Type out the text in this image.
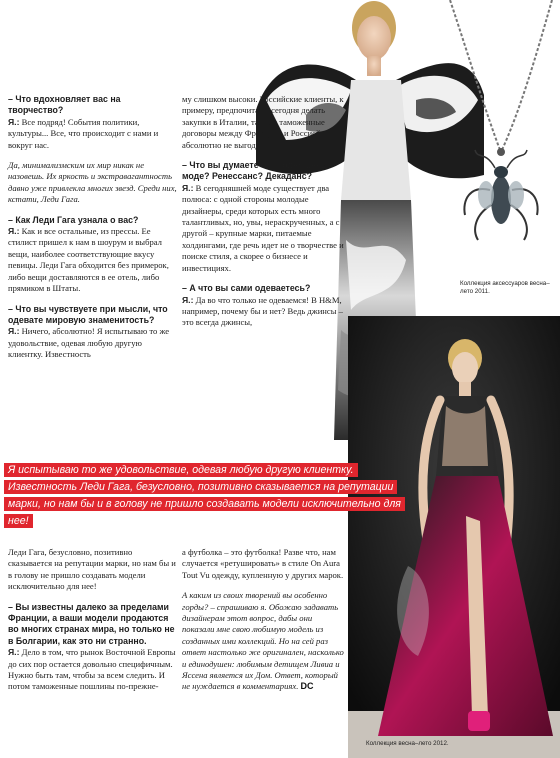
Коллекция аксессуаров весна–лето 2011.
Коллекция весна–лето 2012.

– Что вдохновляет вас на творчество?
Я.: Все подряд! События политики, культуры... Все, что происходит с нами и вокруг нас.

Да, минимализмским их мир никак не назовешь. Их яркость и экстравагантность давно уже привлекла многих звезд. Среди них, кстати, Леди Гага.

– Как Леди Гага узнала о вас?
Я.: Как и все остальные, из прессы. Ее стилист пришел к нам в шоурум и выбрал вещи, наиболее соответствующие вкусу певицы. Леди Гага обходится без примерок, либо вещи доставляются в ее отель, либо прямиком в Штаты.

– Что вы чувствуете при мысли, что одевате мировую знаменитость?
Я.: Ничего, абсолютно! Я испытываю то же удовольствие, одевая любую другую клиентку. Известность

му слишком высоки. Российские клиенты, к примеру, предпочитают сегодня делать закупки в Италии, так как таможенные договоры между Францией и Россией абсолютно не выгодны.

– Что вы думаете о сегодняшней моде? Ренессанс? Декаданс?
Я.: В сегодняшней моде существует два полюса: с одной стороны молодые дизайнеры, среди которых есть много талантливых, но, увы, нераскрученных, а с другой – крупные марки, питаемые холдингами, где речь идет не о творчестве и поиске стиля, а скорее о бизнесе и инвестициях.

– А что вы сами одеваетесь?
Я.: Да во что только не одеваемся! В H&M, например, почему бы и нет? Ведь джинсы – это всегда джинсы,

Я испытываю то же удовольствие, одевая любую другую клиентку. Известность Леди Гага, безусловно, позитивно сказывается на репутации марки, но нам бы и в голову не пришло создавать модели исключительно для нее!

Леди Гага, безусловно, позитивно сказывается на репутации марки, но нам бы и в голову не пришло создавать модели исключительно для нее!

– Вы известны далеко за пределами Франции, а ваши модели продаются во многих странах мира, но только не в Болгарии, как это ни странно.
Я.: Дело в том, что рынок Восточной Европы до сих пор остается довольно специфичным. Нужно быть там, чтобы за всем следить. И потом таможенные пошлины по-прежне-

а футболка – это футболка! Разве что, нам случается «ретушировать» в стиле On Aura Tout Vu одежду, купленную у других марок.

А каким из своих творений вы особенно горды? – спрашиваю я. Обожаю задавать дизайнерам этот вопрос, дабы они показали мне свою любимую модель из созданных ими коллекций. Но на сей раз ответ настолько же оригинален, насколько и единодушен: любимым детищем Ливиа и Яссена является их Дом. Ответ, который не нуждается в комментариях. DC
